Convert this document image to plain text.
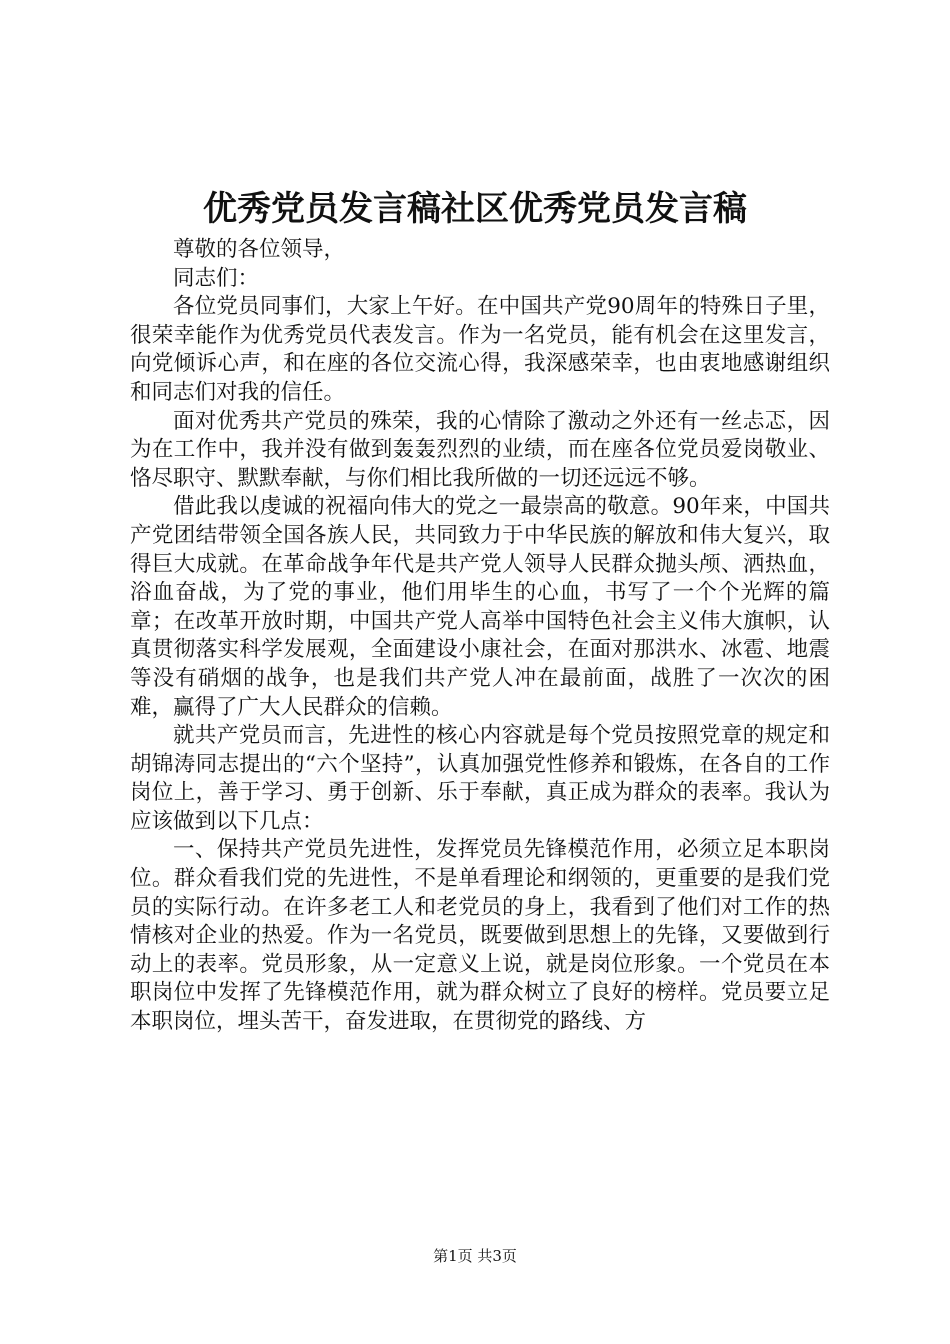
优秀党员发言稿社区优秀党员发言稿

尊敬的各位领导，

同志们：

各位党员同事们，大家上午好。在中国共产党90周年的特殊日子里，很荣幸能作为优秀党员代表发言。作为一名党员，能有机会在这里发言，向党倾诉心声，和在座的各位交流心得，我深感荣幸，也由衷地感谢组织和同志们对我的信任。

面对优秀共产党员的殊荣，我的心情除了激动之外还有一丝忐忑，因为在工作中，我并没有做到轰轰烈烈的业绩，而在座各位党员爱岗敬业、恪尽职守、默默奉献，与你们相比我所做的一切还远远不够。

借此我以虔诚的祝福向伟大的党之一最崇高的敬意。90年来，中国共产党团结带领全国各族人民，共同致力于中华民族的解放和伟大复兴，取得巨大成就。在革命战争年代是共产党人领导人民群众抛头颅、洒热血，浴血奋战，为了党的事业，他们用毕生的心血，书写了一个个光辉的篇章；在改革开放时期，中国共产党人高举中国特色社会主义伟大旗帜，认真贯彻落实科学发展观，全面建设小康社会，在面对那洪水、冰雹、地震等没有硝烟的战争，也是我们共产党人冲在最前面，战胜了一次次的困难，赢得了广大人民群众的信赖。

就共产党员而言，先进性的核心内容就是每个党员按照党章的规定和胡锦涛同志提出的“六个坚持”，认真加强党性修养和锻炼，在各自的工作岗位上，善于学习、勇于创新、乐于奉献，真正成为群众的表率。我认为应该做到以下几点：

一、保持共产党员先进性，发挥党员先锋模范作用，必须立足本职岗位。群众看我们党的先进性，不是单看理论和纲领的，更重要的是我们党员的实际行动。在许多老工人和老党员的身上，我看到了他们对工作的热情核对企业的热爱。作为一名党员，既要做到思想上的先锋，又要做到行动上的表率。党员形象，从一定意义上说，就是岗位形象。一个党员在本职岗位中发挥了先锋模范作用，就为群众树立了良好的榜样。党员要立足本职岗位，埋头苦干，奋发进取，在贯彻党的路线、方

第1页 共3页
